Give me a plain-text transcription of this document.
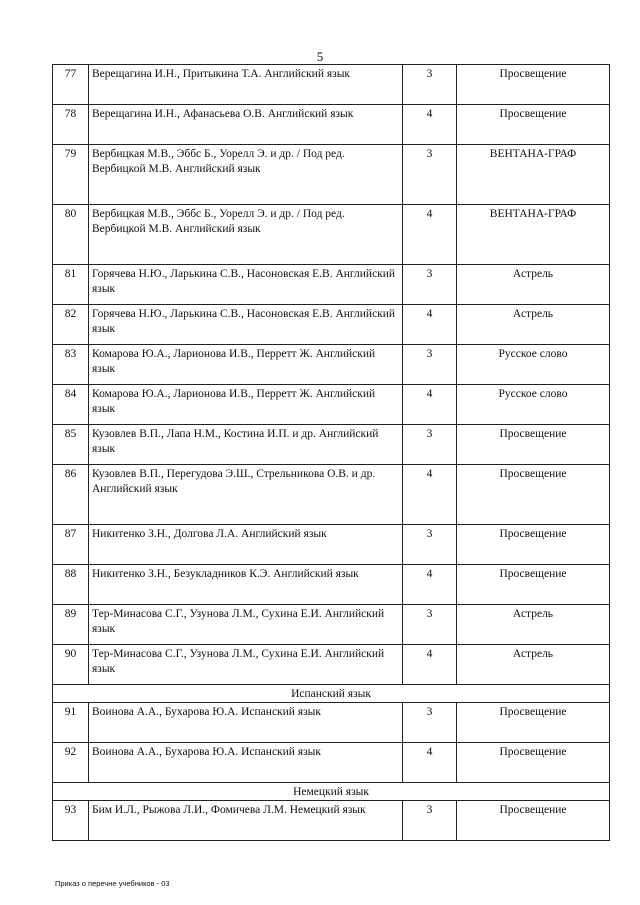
5
77	Верещагина И.Н., Притыкина Т.А. Английский язык	3	Просвещение
78	Верещагина И.Н., Афанасьева О.В. Английский язык	4	Просвещение
79	Вербицкая М.В., Эббс Б., Уорелл Э. и др. / Под ред. Вербицкой М.В. Английский язык	3	ВЕНТАНА-ГРАФ
80	Вербицкая М.В., Эббс Б., Уорелл Э. и др. / Под ред. Вербицкой М.В. Английский язык	4	ВЕНТАНА-ГРАФ
81	Горячева Н.Ю., Ларькина С.В., Насоновская Е.В. Английский язык	3	Астрель
82	Горячева Н.Ю., Ларькина С.В., Насоновская Е.В. Английский язык	4	Астрель
83	Комарова Ю.А., Ларионова И.В., Перретт Ж. Английский язык	3	Русское слово
84	Комарова Ю.А., Ларионова И.В., Перретт Ж. Английский язык	4	Русское слово
85	Кузовлев В.П., Лапа Н.М., Костина И.П. и др. Английский язык	3	Просвещение
86	Кузовлев В.П., Перегудова Э.Ш., Стрельникова О.В. и др. Английский язык	4	Просвещение
87	Никитенко З.Н., Долгова Л.А. Английский язык	3	Просвещение
88	Никитенко З.Н., Безукладников К.Э. Английский язык	4	Просвещение
89	Тер-Минасова С.Г., Узунова Л.М., Сухина Е.И. Английский язык	3	Астрель
90	Тер-Минасова С.Г., Узунова Л.М., Сухина Е.И. Английский язык	4	Астрель
Испанский язык			
91	Воинова А.А., Бухарова Ю.А. Испанский язык	3	Просвещение
92	Воинова А.А., Бухарова Ю.А. Испанский язык	4	Просвещение
Немецкий язык			
93	Бим И.Л., Рыжова Л.И., Фомичева Л.М. Немецкий язык	3	Просвещение
Приказ о перечне учебников - 03
